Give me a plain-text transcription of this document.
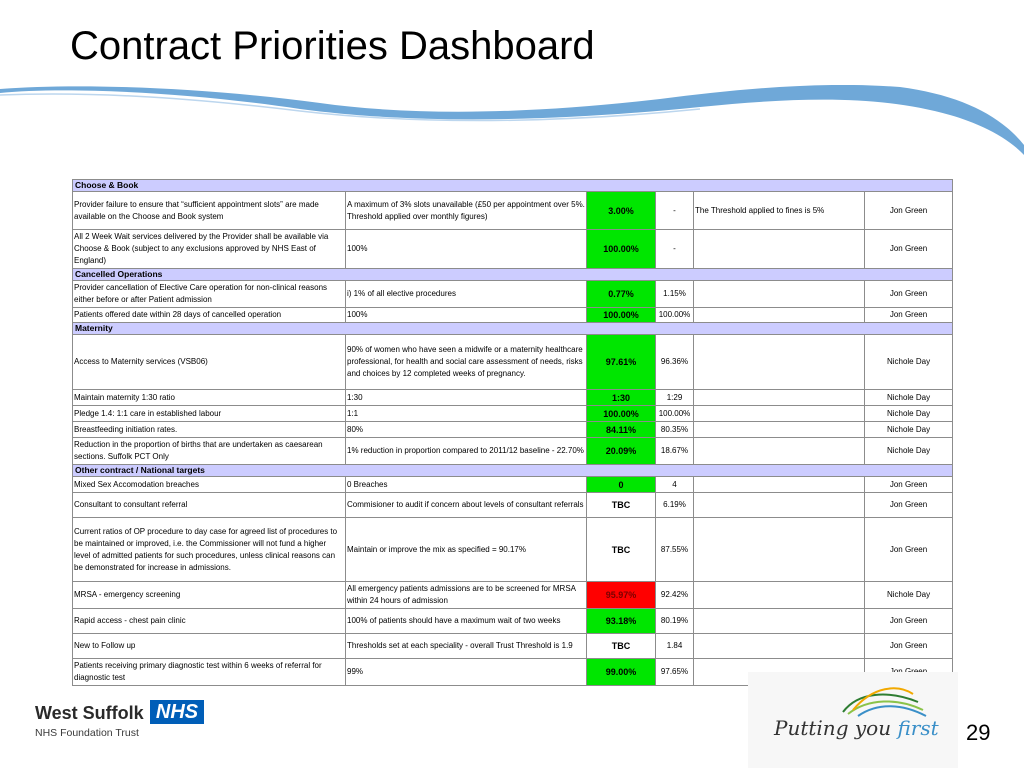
Contract Priorities Dashboard
Choose & Book					
Provider failure to ensure that “sufficient appointment slots” are made available on the Choose and Book system	A maximum of 3% slots unavailable (£50 per appointment over 5%. Threshold applied over monthly figures)	3.00%	-	The Threshold applied to fines is 5%	Jon Green
All 2 Week Wait services delivered by the Provider shall be available via Choose & Book (subject to any exclusions approved by NHS East of England)	100%	100.00%	-		Jon Green
Cancelled Operations					
Provider cancellation of Elective Care operation for non-clinical reasons either before or after Patient admission	i) 1% of all elective procedures	0.77%	1.15%		Jon Green
Patients offered date within 28 days of cancelled operation	100%	100.00%	100.00%		Jon Green
Maternity					
Access to Maternity services (VSB06)	90% of women who have seen a midwife or a maternity healthcare professional, for health and social care assessment of needs, risks and choices by 12 completed weeks of pregnancy.	97.61%	96.36%		Nichole Day
Maintain maternity 1:30 ratio	1:30	1:30	1:29		Nichole Day
Pledge 1.4: 1:1 care in established labour	1:1	100.00%	100.00%		Nichole Day
Breastfeeding initiation rates.	80%	84.11%	80.35%		Nichole Day
Reduction in the proportion of births that are undertaken as caesarean sections. Suffolk PCT Only	1% reduction in proportion compared to 2011/12 baseline - 22.70%	20.09%	18.67%		Nichole Day
Other contract / National targets					
Mixed Sex Accomodation breaches	0 Breaches	0	4		Jon Green
Consultant to consultant referral	Commisioner to audit if concern about levels of consultant referrals	TBC	6.19%		Jon Green
Current ratios of OP procedure to day case for agreed list of procedures to be maintained or improved, i.e. the Commissioner will not fund a higher level of admitted patients for such procedures, unless clinical reasons can be demonstrated for increase in admissions.	Maintain or improve the mix as specified = 90.17%	TBC	87.55%		Jon Green
MRSA - emergency screening	All emergency patients admissions are to be screened for MRSA within 24 hours of admission	95.97%	92.42%		Nichole Day
Rapid access - chest pain clinic	100% of patients should have a maximum wait of two weeks	93.18%	80.19%		Jon Green
New to Follow up	Thresholds set at each speciality - overall Trust Threshold is 1.9	TBC	1.84		Jon Green
Patients receiving primary diagnostic test within 6 weeks of referral for diagnostic test	99%	99.00%	97.65%		
West Suffolk
NHS Foundation Trust
NHS
Putting you first 29
